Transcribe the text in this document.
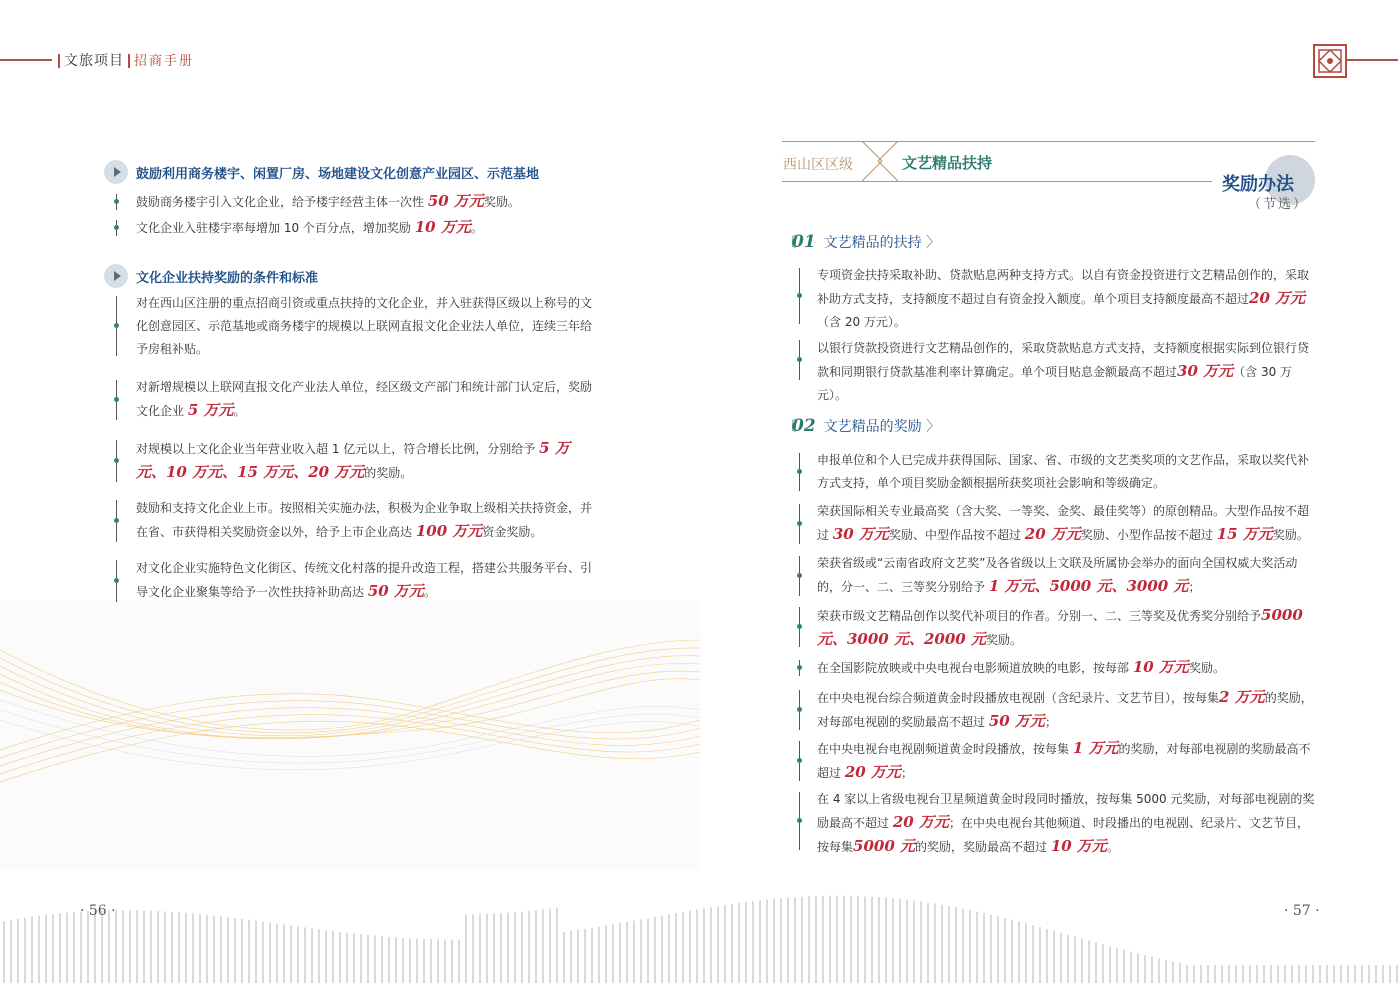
文旅项目 招商手册
鼓励利用商务楼宇、闲置厂房、场地建设文化创意产业园区、示范基地
鼓励商务楼宇引入文化企业，给予楼宇经营主体一次性 50 万元奖励。
文化企业入驻楼宇率每增加 10 个百分点，增加奖励 10 万元。
文化企业扶持奖励的条件和标准
对在西山区注册的重点招商引资或重点扶持的文化企业，并入驻获得区级以上称号的文化创意园区、示范基地或商务楼宇的规模以上联网直报文化企业法人单位，连续三年给予房租补贴。
对新增规模以上联网直报文化产业法人单位，经区级文产部门和统计部门认定后，奖励文化企业 5 万元。
对规模以上文化企业当年营业收入超 1 亿元以上，符合增长比例，分别给予 5 万元、10 万元、15 万元、20 万元的奖励。
鼓励和支持文化企业上市。按照相关实施办法，积极为企业争取上级相关扶持资金，并在省、市获得相关奖励资金以外，给予上市企业高达 100 万元资金奖励。
对文化企业实施特色文化街区、传统文化村落的提升改造工程，搭建公共服务平台、引导文化企业聚集等给予一次性扶持补助高达 50 万元。
西山区区级	文艺精品扶持
奖励办法
（节选）
〔 01 文艺精品的扶持 〉
专项资金扶持采取补助、贷款贴息两种支持方式。以自有资金投资进行文艺精品创作的，采取补助方式支持，支持额度不超过自有资金投入额度。单个项目支持额度最高不超过20 万元（含 20 万元）。
以银行贷款投资进行文艺精品创作的，采取贷款贴息方式支持，支持额度根据实际到位银行贷款和同期银行贷款基准利率计算确定。单个项目贴息金额最高不超过30 万元（含 30 万元）。
〔 02 文艺精品的奖励 〉
申报单位和个人已完成并获得国际、国家、省、市级的文艺类奖项的文艺作品，采取以奖代补方式支持，单个项目奖励金额根据所获奖项社会影响和等级确定。
荣获国际相关专业最高奖（含大奖、一等奖、金奖、最佳奖等）的原创精品。大型作品按不超过 30 万元奖励、中型作品按不超过 20 万元奖励、小型作品按不超过 15 万元奖励。
荣获省级或“云南省政府文艺奖”及各省级以上文联及所属协会举办的面向全国权威大奖活动的，分一、二、三等奖分别给予 1 万元、5000 元、3000 元；
荣获市级文艺精品创作以奖代补项目的作者。分别一、二、三等奖及优秀奖分别给予5000 元、3000 元、2000 元奖励。
在全国影院放映或中央电视台电影频道放映的电影，按每部 10 万元奖励。
在中央电视台综合频道黄金时段播放电视剧（含纪录片、文艺节目），按每集2 万元的奖励，对每部电视剧的奖励最高不超过 50 万元；
在中央电视台电视剧频道黄金时段播放，按每集 1 万元的奖励，对每部电视剧的奖励最高不超过 20 万元；
在 4 家以上省级电视台卫星频道黄金时段同时播放，按每集 5000 元奖励，对每部电视剧的奖励最高不超过 20 万元；在中央电视台其他频道、时段播出的电视剧、纪录片、文艺节目，按每集5000 元的奖励，奖励最高不超过 10 万元。
· 56 ·	· 57 ·
